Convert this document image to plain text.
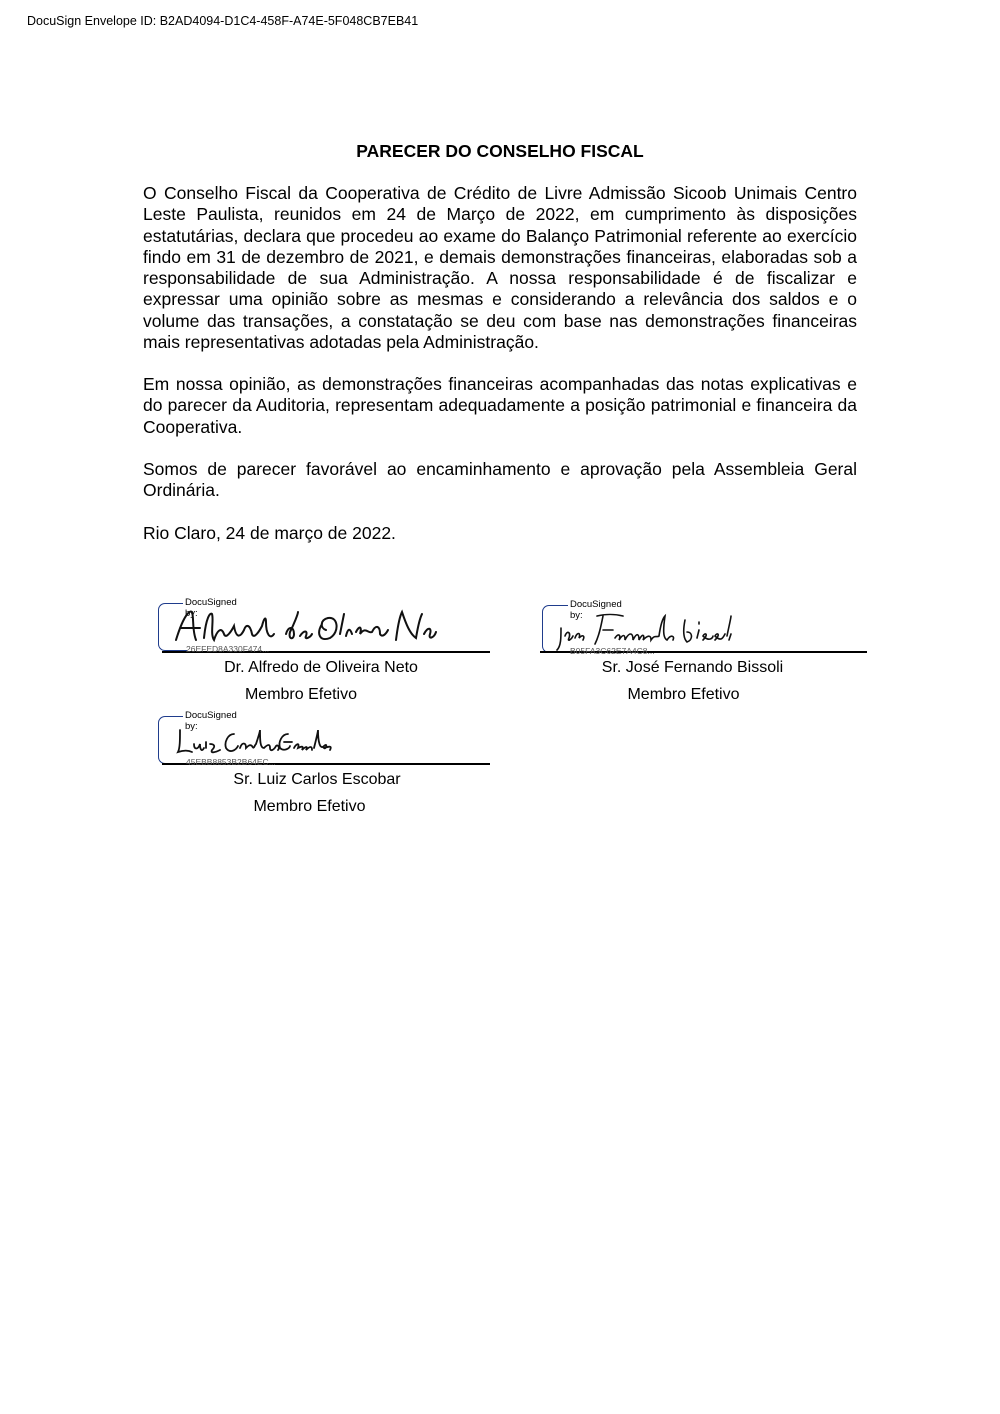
DocuSign Envelope ID: B2AD4094-D1C4-458F-A74E-5F048CB7EB41
PARECER DO CONSELHO FISCAL

O Conselho Fiscal da Cooperativa de Crédito de Livre Admissão Sicoob Unimais Centro Leste Paulista, reunidos em 24 de Março de 2022, em cumprimento às disposições estatutárias, declara que procedeu ao exame do Balanço Patrimonial referente ao exercício findo em 31 de dezembro de 2021, e demais demonstrações financeiras, elaboradas sob a responsabilidade de sua Administração. A nossa responsabilidade é de fiscalizar e expressar uma opinião sobre as mesmas e considerando a relevância dos saldos e o volume das transações, a constatação se deu com base nas demonstrações financeiras mais representativas adotadas pela Administração.

Em nossa opinião, as demonstrações financeiras acompanhadas das notas explicativas e do parecer da Auditoria, representam adequadamente a posição patrimonial e financeira da Cooperativa.

Somos de parecer favorável ao encaminhamento e aprovação pela Assembleia Geral Ordinária.

Rio Claro, 24 de março de 2022.

DocuSigned by:
26EFED8A330F474...
Dr. Alfredo de Oliveira Neto
Membro Efetivo
DocuSigned by:
B05FA3C62E7A4C8...
Sr. José Fernando Bissoli
Membro Efetivo
DocuSigned by:
45EBB8853B2B64EC...
Sr. Luiz Carlos Escobar
Membro Efetivo
